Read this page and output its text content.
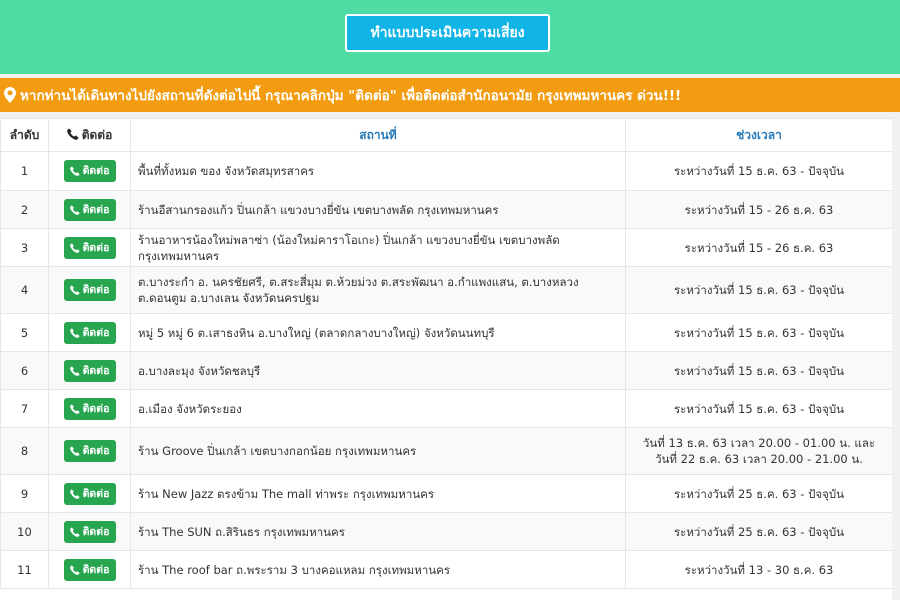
ทำแบบประเมินความเสี่ยง
หากท่านได้เดินทางไปยังสถานที่ดังต่อไปนี้ กรุณาคลิกปุ่ม "ติดต่อ" เพื่อติดต่อสำนักอนามัย กรุงเทพมหานคร ด่วน!!!
ลำดับ	ติดต่อ	สถานที่	ช่วงเวลา
1	ติดต่อ	พื้นที่ทั้งหมด ของ จังหวัดสมุทรสาคร	ระหว่างวันที่ 15 ธ.ค. 63 - ปัจจุบัน
2	ติดต่อ	ร้านอีสานกรองแก้ว ปิ่นเกล้า แขวงบางยี่ขัน เขตบางพลัด กรุงเทพมหานคร	ระหว่างวันที่ 15 - 26 ธ.ค. 63
3	ติดต่อ	ร้านอาหารน้องใหม่พลาซ่า (น้องใหม่คาราโอเกะ) ปิ่นเกล้า แขวงบางยี่ขัน เขตบางพลัด กรุงเทพมหานคร	ระหว่างวันที่ 15 - 26 ธ.ค. 63
4	ติดต่อ	ต.บางระกำ อ. นครชัยศรี, ต.สระสี่มุม ต.ห้วยม่วง ต.สระพัฒนา อ.กำแพงแสน, ต.บางหลวง ต.ดอนตูม อ.บางเลน จังหวัดนครปฐม	ระหว่างวันที่ 15 ธ.ค. 63 - ปัจจุบัน
5	ติดต่อ	หมู่ 5 หมู่ 6 ต.เสาธงหิน อ.บางใหญ่ (ตลาดกลางบางใหญ่) จังหวัดนนทบุรี	ระหว่างวันที่ 15 ธ.ค. 63 - ปัจจุบัน
6	ติดต่อ	อ.บางละมุง จังหวัดชลบุรี	ระหว่างวันที่ 15 ธ.ค. 63 - ปัจจุบัน
7	ติดต่อ	อ.เมือง จังหวัดระยอง	ระหว่างวันที่ 15 ธ.ค. 63 - ปัจจุบัน
8	ติดต่อ	ร้าน Groove ปิ่นเกล้า เขตบางกอกน้อย กรุงเทพมหานคร	วันที่ 13 ธ.ค. 63 เวลา 20.00 - 01.00 น. และ วันที่ 22 ธ.ค. 63 เวลา 20.00 - 21.00 น.
9	ติดต่อ	ร้าน New Jazz ตรงข้าม The mall ท่าพระ กรุงเทพมหานคร	ระหว่างวันที่ 25 ธ.ค. 63 - ปัจจุบัน
10	ติดต่อ	ร้าน The SUN ถ.สิรินธร กรุงเทพมหานคร	ระหว่างวันที่ 25 ธ.ค. 63 - ปัจจุบัน
11	ติดต่อ	ร้าน The roof bar ถ.พระราม 3 บางคอแหลม กรุงเทพมหานคร	ระหว่างวันที่ 13 - 30 ธ.ค. 63
